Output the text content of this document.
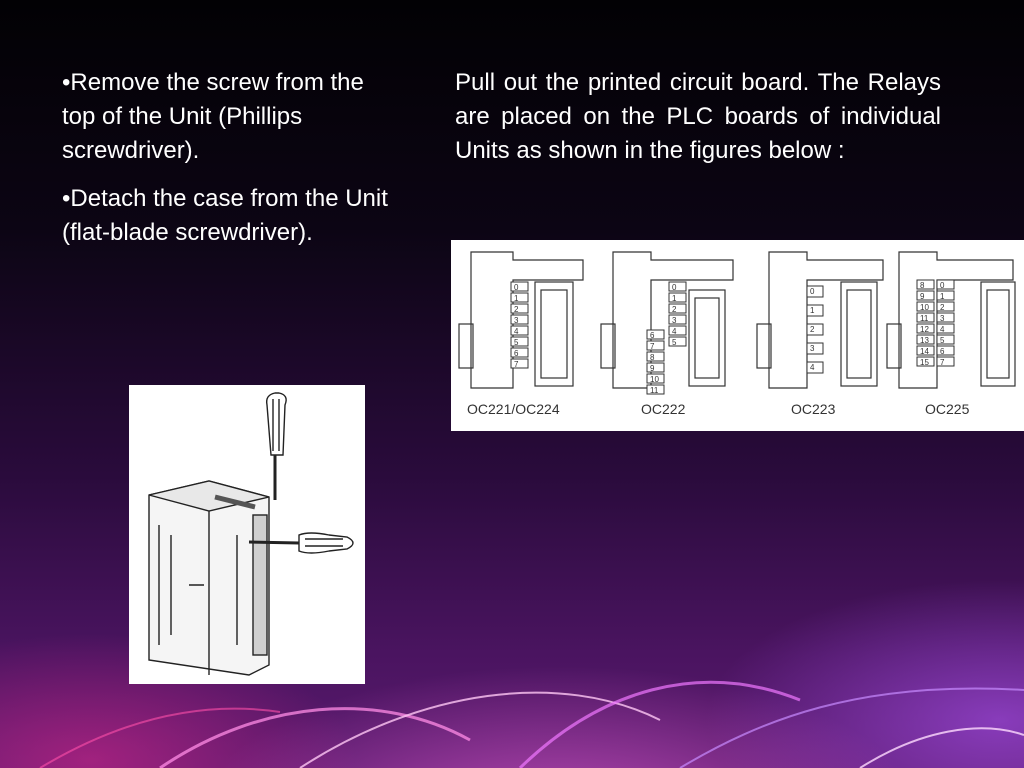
•Remove the screw from the top of the Unit (Phillips screwdriver).

•Detach the case from the Unit (flat-blade screwdriver).

Pull out the printed circuit board. The Relays are placed on the PLC boards of individual Units as shown in the figures below :
0
1
2
3
4
5
6
7
0
1
2
3
4
5
6
7
8
9
10
11
0
1
2
3
4
0
1
2
3
4
5
6
7
8
9
10
11
12
13
14
15
OC221/OC224	OC222	OC223	OC225
